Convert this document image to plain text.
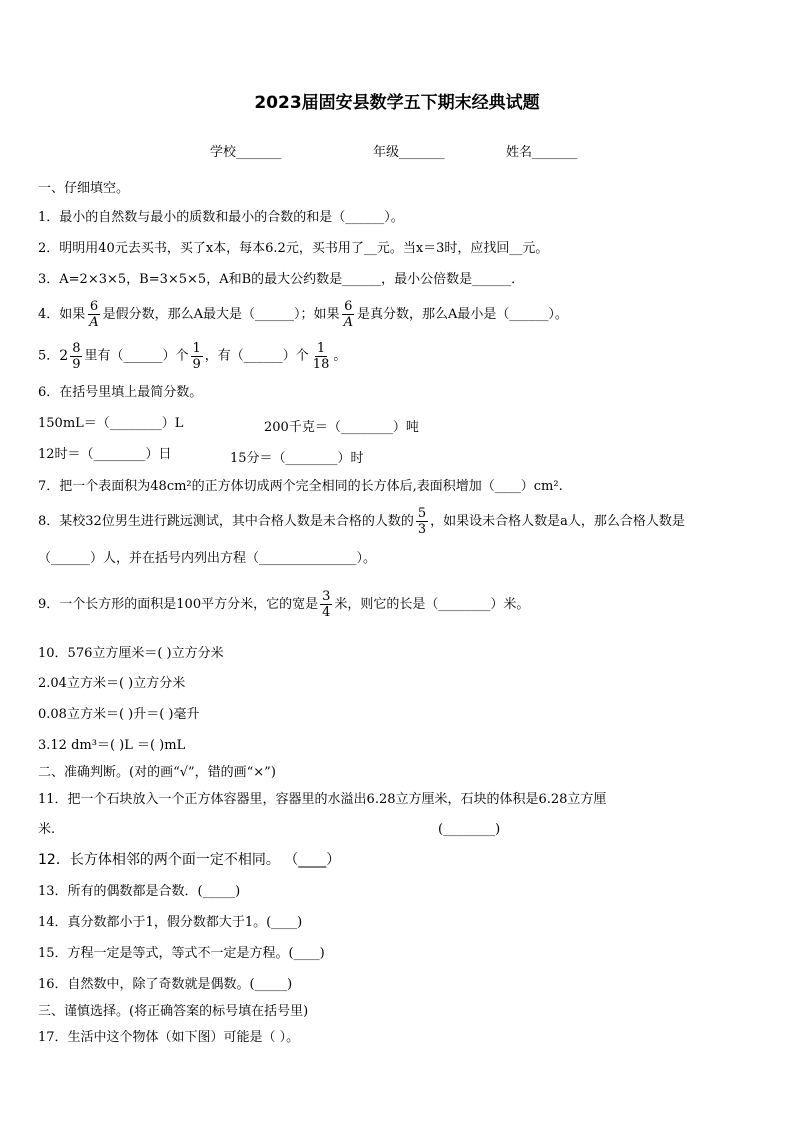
2023届固安县数学五下期末经典试题
学校_______	年级_______	姓名_______
一、仔细填空。
1．最小的自然数与最小的质数和最小的合数的和是（______）。
2．明明用40元去买书，买了x本，每本6.2元，买书用了__元。当x＝3时，应找回__元。
3．A=2×3×5，B=3×5×5，A和B的最大公约数是______，最小公倍数是______．
4．如果 $\frac{6}{A}$ 是假分数，那么A最大是（______）；如果 $\frac{6}{A}$ 是真分数，那么A最小是（______）。
5． 2 8
9
里有（______）个 $\frac{1}{9}$ ，有（______）个 $\frac{1}{18}$ 。
6．在括号里填上最简分数。
150mL＝（________）L	200千克＝（________）吨
12时＝（________）日	15分＝（________）时
7．把一个表面积为48cm²的正方体切成两个完全相同的长方体后,表面积增加（____）cm².
8．某校32位男生进行跳远测试，其中合格人数是未合格的人数的 $\frac{5}{3}$ ，如果设未合格人数是a人，那么合格人数是
（______）人，并在括号内列出方程（_______________）。
9．一个长方形的面积是100平方分米，它的宽是 $\frac{3}{4}$ 米，则它的长是（________）米。
10．576立方厘米＝( )立方分米
2.04立方米＝( )立方分米
0.08立方米＝( )升＝( )毫升
3.12 dm³＝( )L ＝( )mL
二、准确判断。(对的画“√”，错的画“×”)
11．把一个石块放入一个正方体容器里，容器里的水溢出6.28立方厘米，石块的体积是6.28立方厘
米.	(________)
12．长方体相邻的两个面一定不相同。 （____）
13．所有的偶数都是合数．(_____)
14．真分数都小于1，假分数都大于1。(____)
15．方程一定是等式，等式不一定是方程。(____)
16．自然数中，除了奇数就是偶数。(_____)
三、谨慎选择。(将正确答案的标号填在括号里)
17．生活中这个物体（如下图）可能是（ ）。
